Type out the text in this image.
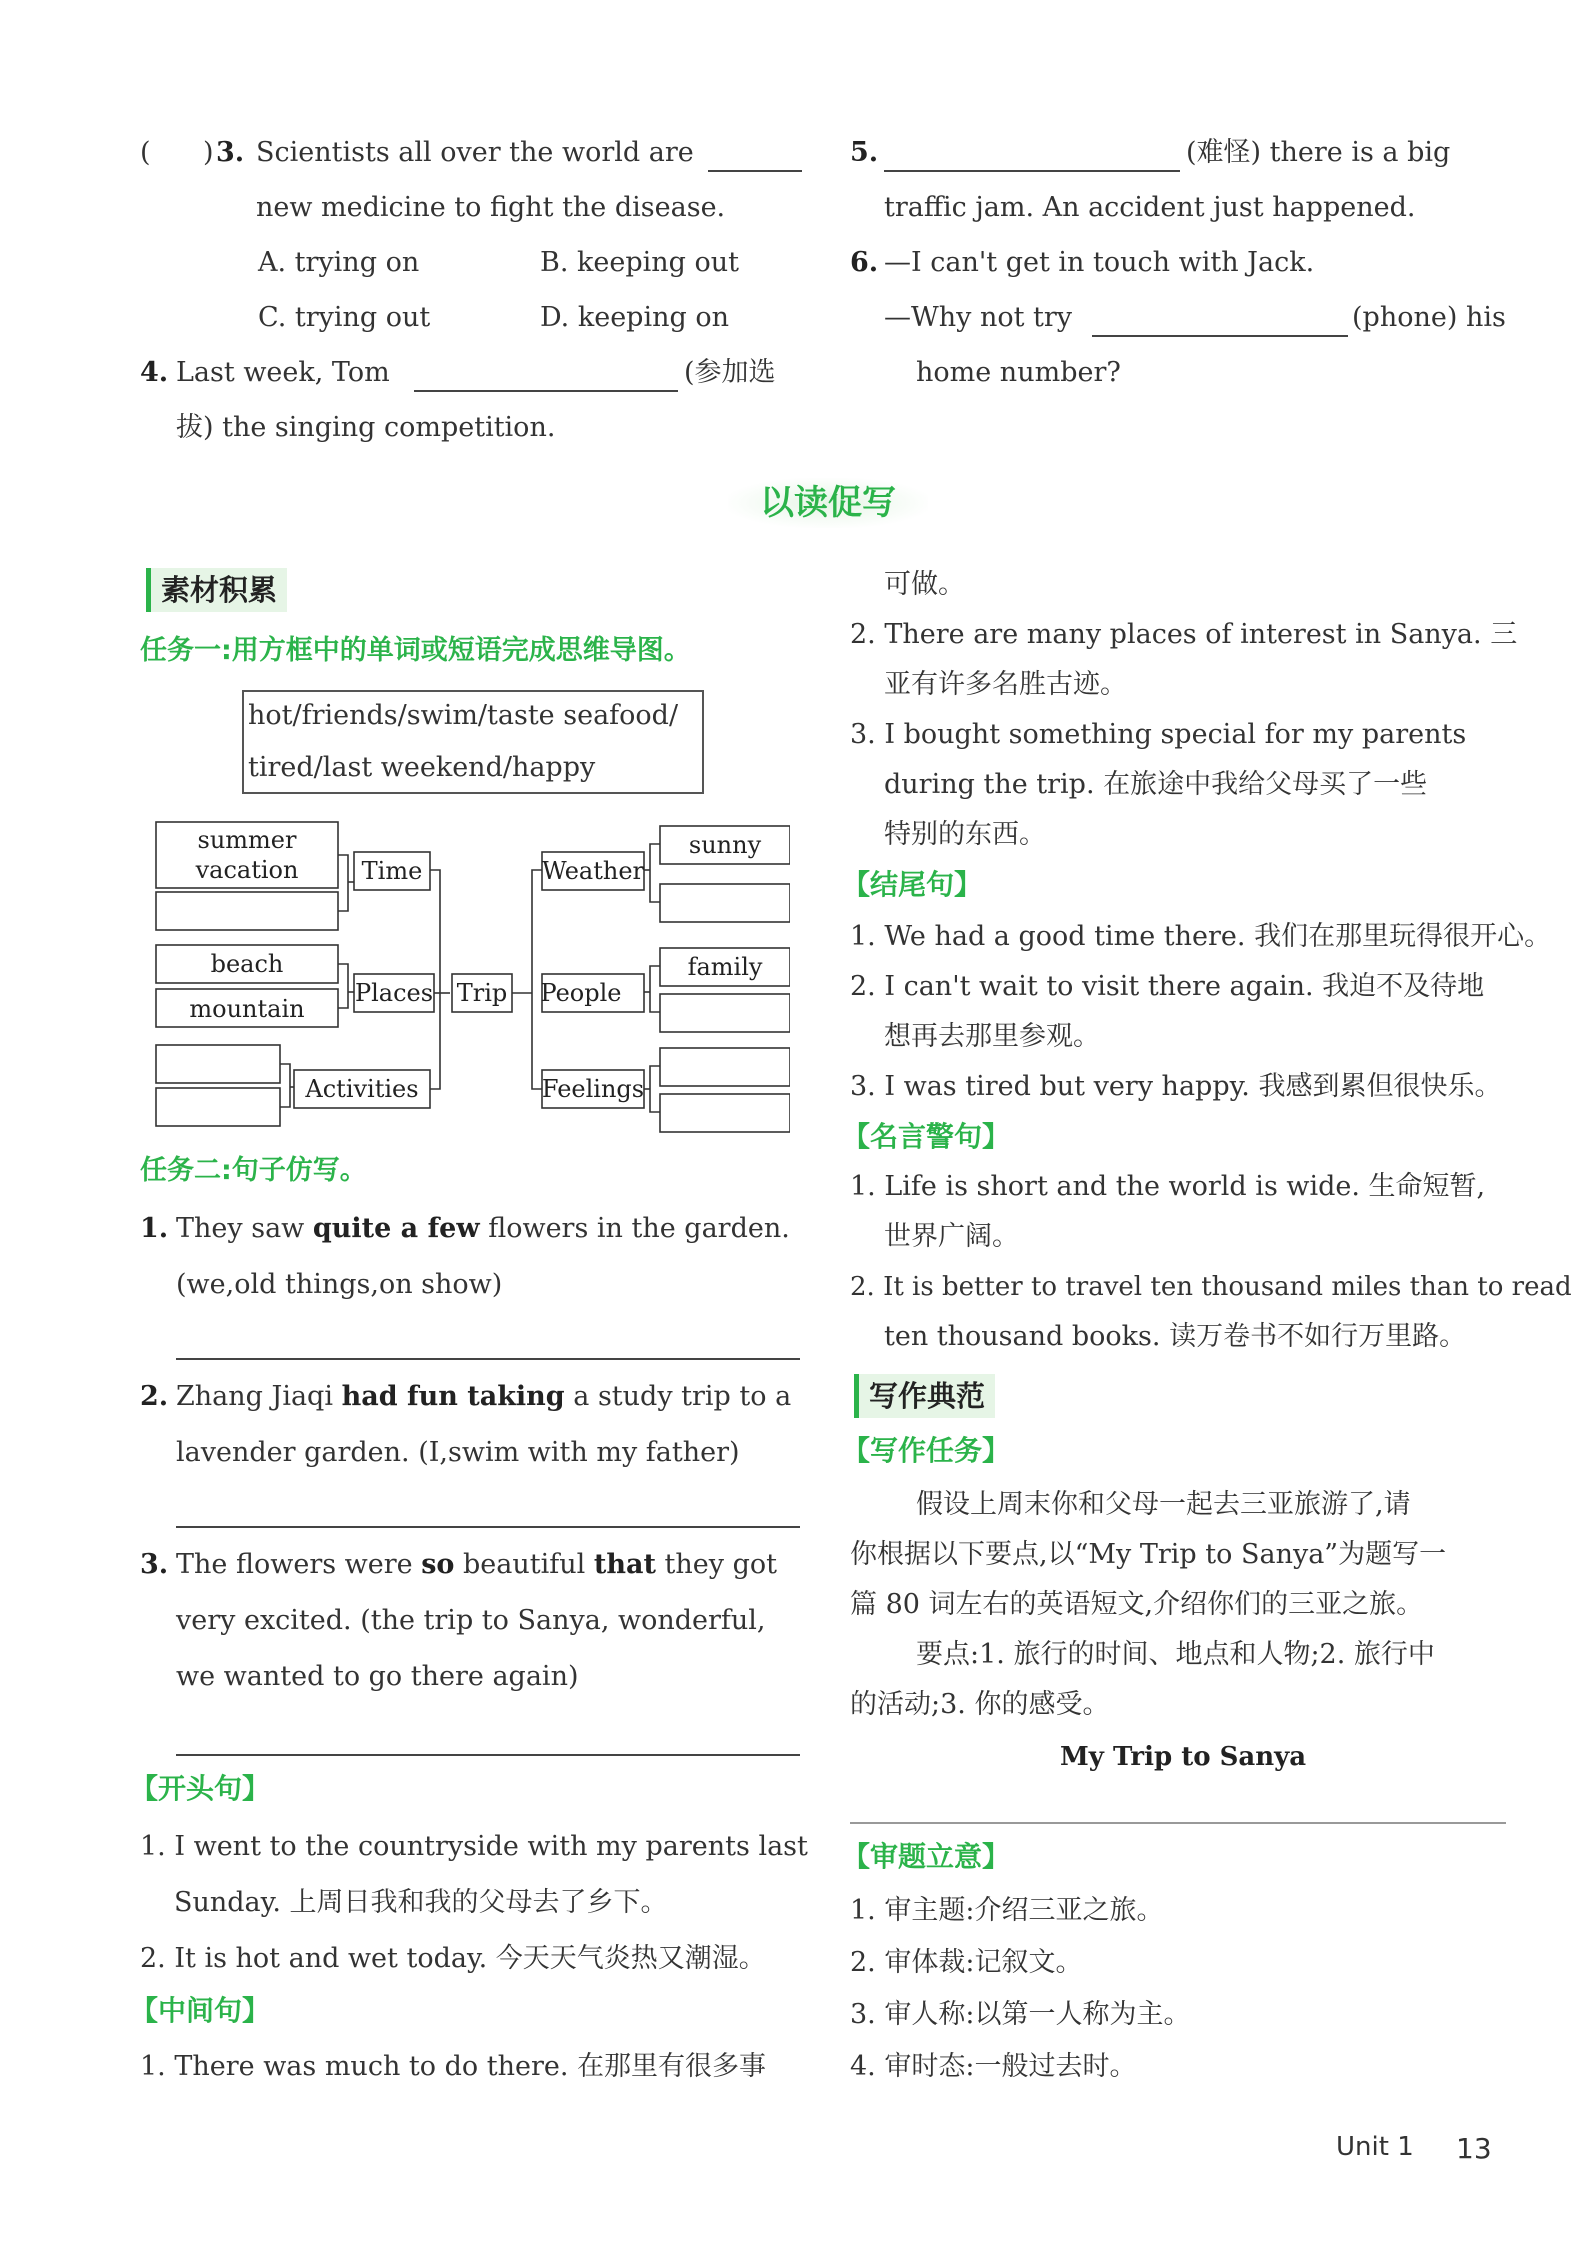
( ) 3. Scientists all over the world are
new medicine to fight the disease.
A. trying on	B. keeping out
C. trying out	D. keeping on
4. Last week, Tom	(参加选
拔) the singing competition.
5.	(难怪) there is a big
traffic jam. An accident just happened.
6. —I can't get in touch with Jack.
—Why not try	(phone) his
home number?
以读促写
素材积累
任务一:用方框中的单词或短语完成思维导图。
hot/friends/swim/taste seafood/
tired/last weekend/happy
summer
vacation
beach
mountain
Time
Places
Activities
Trip
Weather
People
Feelings
sunny
family
任务二:句子仿写。
1. They saw quite a few flowers in the garden.
(we,old things,on show)
2. Zhang Jiaqi had fun taking a study trip to a
lavender garden. (I,swim with my father)
3. The flowers were so beautiful that they got
very excited. (the trip to Sanya, wonderful,
we wanted to go there again)
【开头句】
1. I went to the countryside with my parents last
Sunday. 上周日我和我的父母去了乡下。
2. It is hot and wet today. 今天天气炎热又潮湿。
【中间句】
1. There was much to do there. 在那里有很多事
可做。
2. There are many places of interest in Sanya. 三
亚有许多名胜古迹。
3. I bought something special for my parents
during the trip. 在旅途中我给父母买了一些
特别的东西。
【结尾句】
1. We had a good time there. 我们在那里玩得很开心。
2. I can't wait to visit there again. 我迫不及待地
想再去那里参观。
3. I was tired but very happy. 我感到累但很快乐。
【名言警句】
1. Life is short and the world is wide. 生命短暂,
世界广阔。
2. It is better to travel ten thousand miles than to read
ten thousand books. 读万卷书不如行万里路。
写作典范
【写作任务】
假设上周末你和父母一起去三亚旅游了,请
你根据以下要点,以“My Trip to Sanya”为题写一
篇 80 词左右的英语短文,介绍你们的三亚之旅。
要点:1. 旅行的时间、地点和人物;2. 旅行中
的活动;3. 你的感受。
My Trip to Sanya
【审题立意】
1. 审主题:介绍三亚之旅。
2. 审体裁:记叙文。
3. 审人称:以第一人称为主。
4. 审时态:一般过去时。
Unit 1 13
